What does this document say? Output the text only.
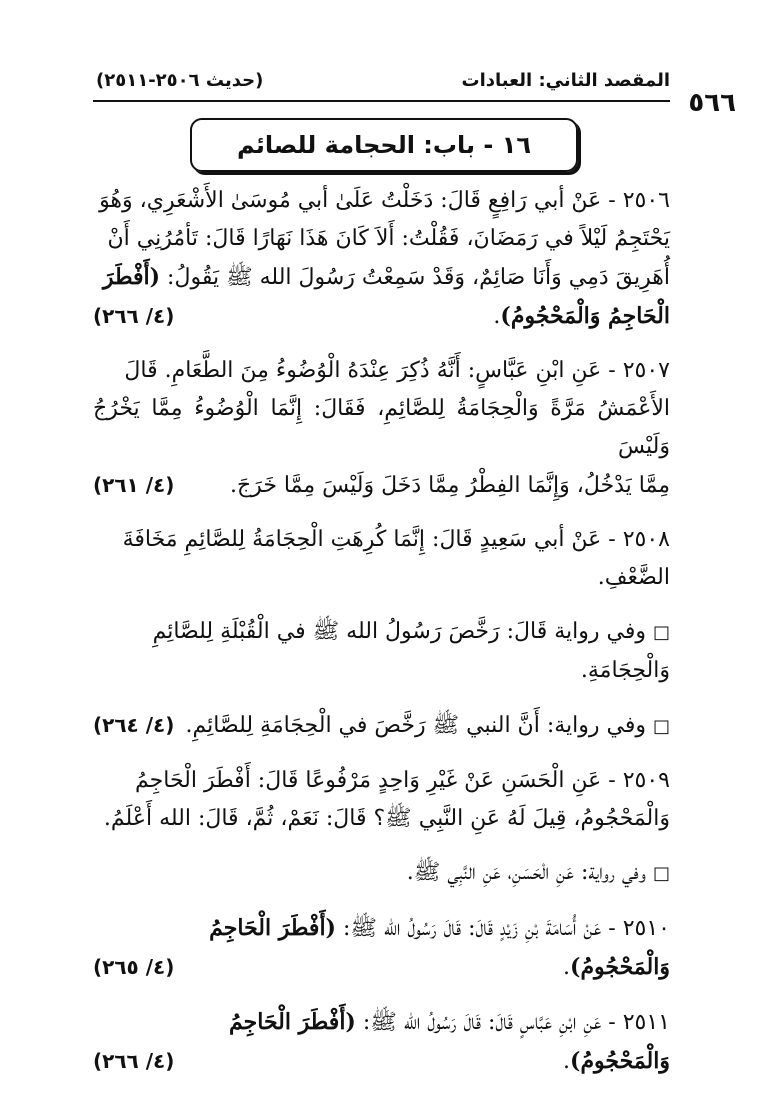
٥٦٦
المقصد الثاني: العبادات
(حديث ٢٥٠٦-٢٥١١)
١٦ - باب: الحجامة للصائم

٢٥٠٦ - عَنْ أبي رَافِعٍ قَالَ: دَخَلْتُ عَلَىٰ أبي مُوسَىٰ الأَشْعَرِي، وَهُوَ

يَحْتَجِمُ لَيْلاً في رَمَضَانَ، فَقُلْتُ: أَلاَ كَانَ هَذَا نَهَارًا قَالَ: تَأمُرُنِي أَنْ

أُهَرِيقَ دَمِي وَأَنَا صَائِمٌ، وَقَدْ سَمِعْتُ رَسُولَ الله ﷺ يَقُولُ: (أَفْطَرَ

الْحَاجِمُ وَالْمَحْجُومُ).
(٤/ ٢٦٦)

٢٥٠٧ - عَنِ ابْنِ عَبَّاسٍ: أَنَّهُ ذُكِرَ عِنْدَهُ الْوُضُوءُ مِنَ الطَّعَامِ. قَالَ

الأَعْمَشُ مَرَّةً وَالْحِجَامَةُ لِلصَّائِمِ، فَقَالَ: إِنَّمَا الْوُضُوءُ مِمَّا يَخْرُجُ وَلَيْسَ

مِمَّا يَدْخُلُ، وَإِنَّمَا الفِطْرُ مِمَّا دَخَلَ وَلَيْسَ مِمَّا خَرَجَ.
(٤/ ٢٦١)

٢٥٠٨ - عَنْ أبي سَعِيدٍ قَالَ: إِنَّمَا كُرِهَتِ الْحِجَامَةُ لِلصَّائِمِ مَخَافَةَ

الضَّعْفِ.

□ وفي رواية قَالَ: رَخَّصَ رَسُولُ الله ﷺ في الْقُبْلَةِ لِلصَّائِمِ

وَالْحِجَامَةِ.

□ وفي رواية: أَنَّ النبي ﷺ رَخَّصَ في الْحِجَامَةِ لِلصَّائِمِ.
(٤/ ٢٦٤)

٢٥٠٩ - عَنِ الْحَسَنِ عَنْ غَيْرِ وَاحِدٍ مَرْفُوعًا قَالَ: أَفْطَرَ الْحَاجِمُ

وَالْمَحْجُومُ، قِيلَ لَهُ عَنِ النَّبِي ﷺ؟ قَالَ: نَعَمْ، ثُمَّ، قَالَ: الله أَعْلَمُ.

□ وفي رواية: عَنِ الْحَسَنِ، عَنِ النَّبِي ﷺ.

٢٥١٠ - عَنْ أُسَامَةَ بْنِ زَيْدٍ قَالَ: قَالَ رَسُولُ الله ﷺ: (أَفْطَرَ الْحَاجِمُ

وَالْمَحْجُومُ).
(٤/ ٢٦٥)

٢٥١١ - عَنِ ابْنِ عَبَّاسٍ قَالَ: قَالَ رَسُولُ الله ﷺ: (أَفْطَرَ الْحَاجِمُ

وَالْمَحْجُومُ).
(٤/ ٢٦٦)
